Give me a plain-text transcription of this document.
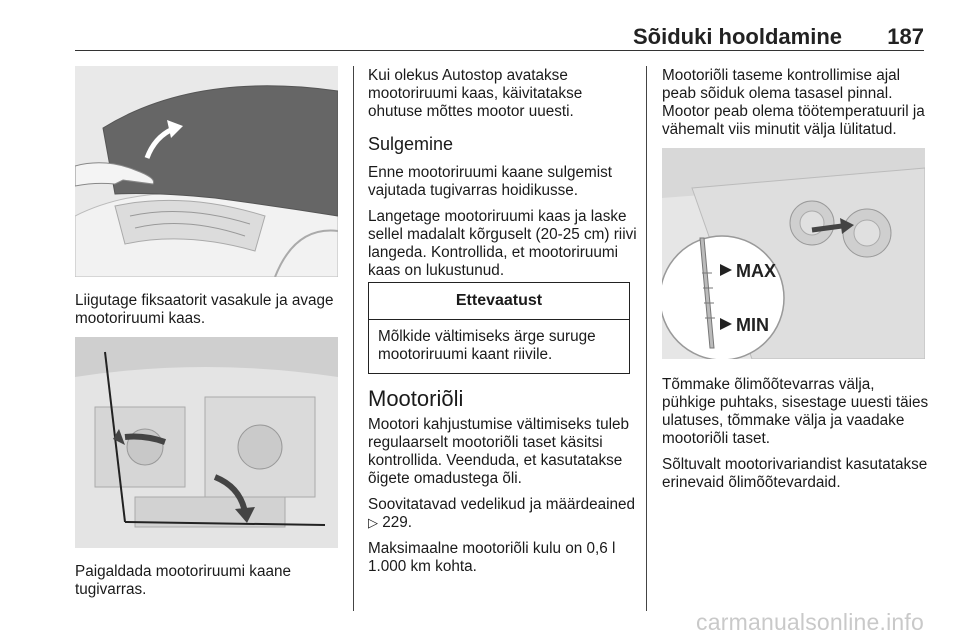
Sõiduki hooldamine 187

Liigutage fiksaatorit vasakule ja avage mootoriruumi kaas.

Paigaldada mootoriruumi kaane tugivarras.

Kui olekus Autostop avatakse mootoriruumi kaas, käivitatakse ohutuse mõttes mootor uuesti.

Sulgemine

Enne mootoriruumi kaane sulgemist vajutada tugivarras hoidikusse.

Langetage mootoriruumi kaas ja laske sellel madalalt kõrguselt (20-25 cm) riivi langeda. Kontrollida, et mootoriruumi kaas on lukustunud.

Ettevaatust
Mõlkide vältimiseks ärge suruge mootoriruumi kaant riivile.
Mootoriõli

Mootori kahjustumise vältimiseks tuleb regulaarselt mootoriõli taset käsitsi kontrollida. Veenduda, et kasutatakse õigete omadustega õli.

Soovitatavad vedelikud ja määrdeained ▷ 229.

Maksimaalne mootoriõli kulu on 0,6 l 1.000 km kohta.

Mootoriõli taseme kontrollimise ajal peab sõiduk olema tasasel pinnal. Mootor peab olema töötemperatuuril ja vähemalt viis minutit välja lülitatud.

MAX
MIN

Tõmmake õlimõõtevarras välja, pühkige puhtaks, sisestage uuesti täies ulatuses, tõmmake välja ja vaadake mootoriõli taset.

Sõltuvalt mootorivariandist kasutatakse erinevaid õlimõõtevardaid.

carmanualsonline.info
